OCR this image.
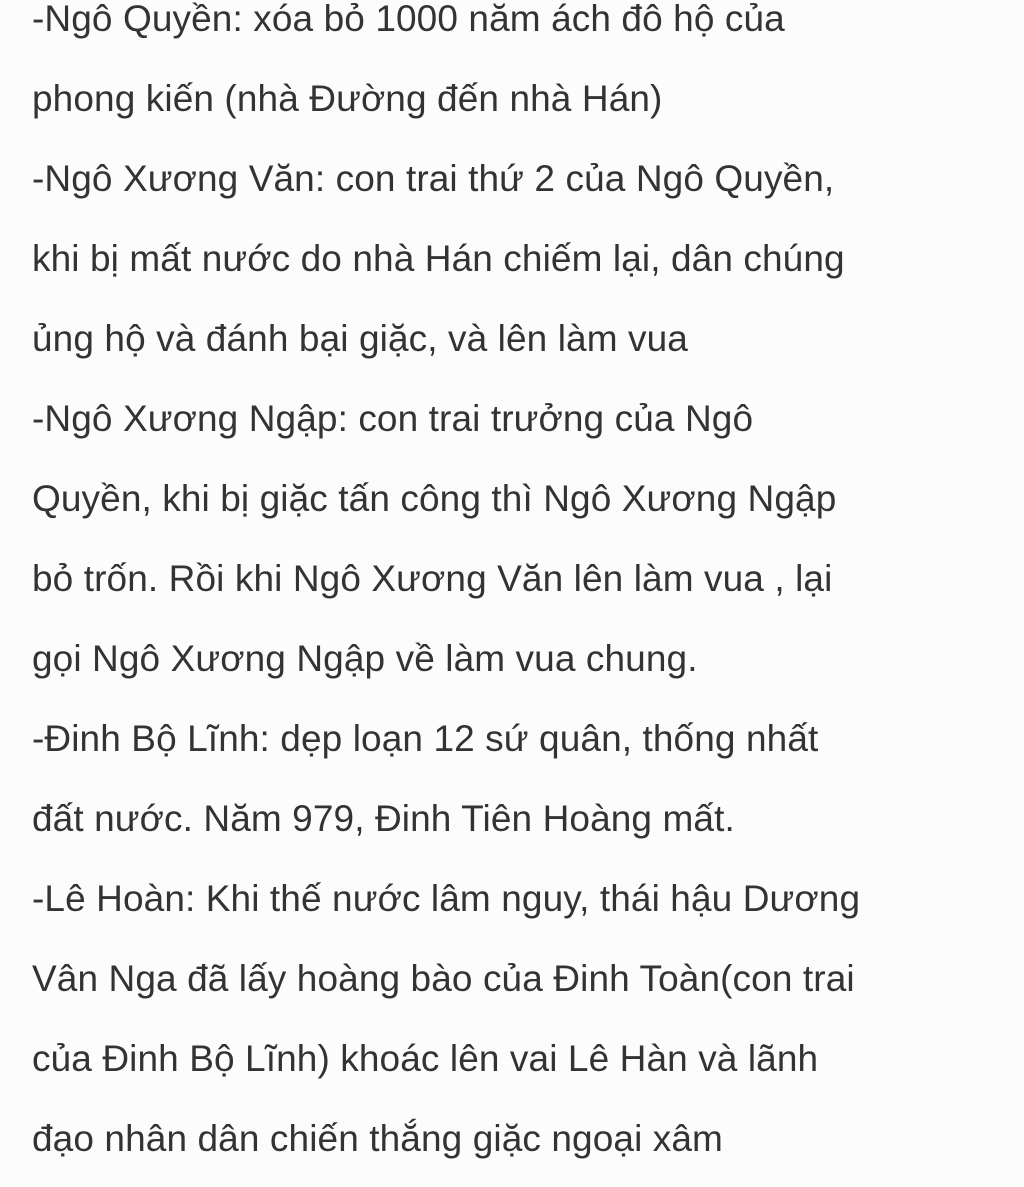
-Ngô Quyền: xóa bỏ 1000 năm ách đô hộ của
phong kiến (nhà Đường đến nhà Hán)
-Ngô Xương Văn: con trai thứ 2 của Ngô Quyền,
khi bị mất nước do nhà Hán chiếm lại, dân chúng
ủng hộ và đánh bại giặc, và lên làm vua
-Ngô Xương Ngập: con trai trưởng của Ngô
Quyền, khi bị giặc tấn công thì Ngô Xương Ngập
bỏ trốn. Rồi khi Ngô Xương Văn lên làm vua , lại
gọi Ngô Xương Ngập về làm vua chung.
-Đinh Bộ Lĩnh: dẹp loạn 12 sứ quân, thống nhất
đất nước. Năm 979, Đinh Tiên Hoàng mất.
-Lê Hoàn: Khi thế nước lâm nguy, thái hậu Dương
Vân Nga đã lấy hoàng bào của Đinh Toàn(con trai
của Đinh Bộ Lĩnh) khoác lên vai Lê Hàn và lãnh
đạo nhân dân chiến thắng giặc ngoại xâm
